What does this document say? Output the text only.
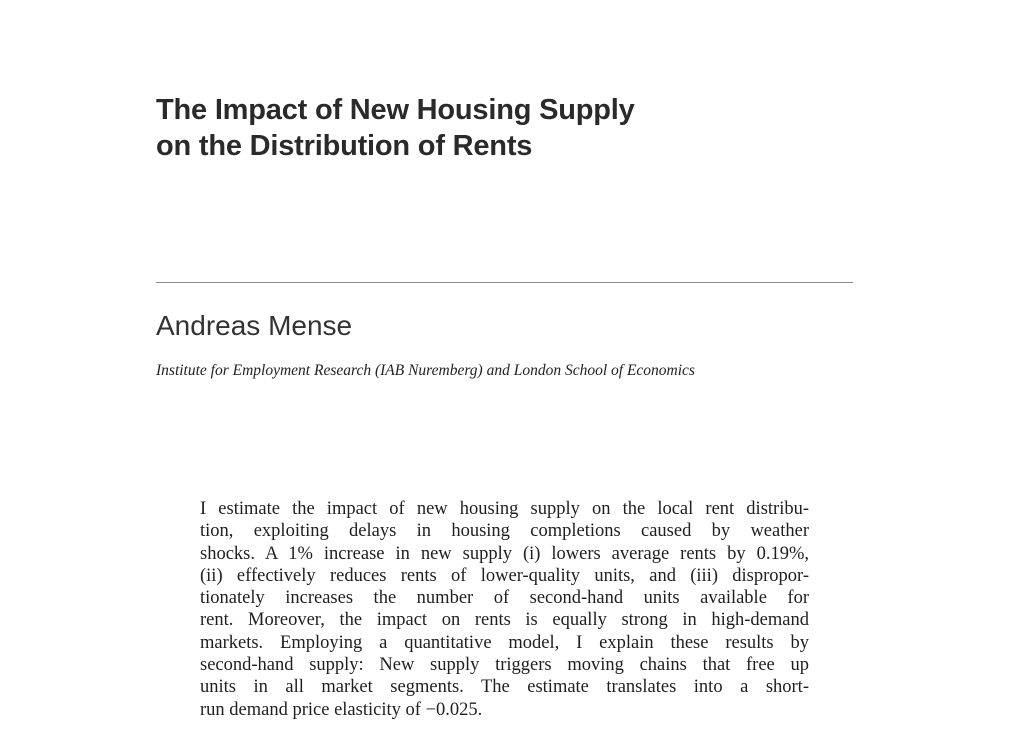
The Impact of New Housing Supply
on the Distribution of Rents

Andreas Mense

Institute for Employment Research (IAB Nuremberg) and London School of Economics

I estimate the impact of new housing supply on the local rent distribu-
tion, exploiting delays in housing completions caused by weather
shocks. A 1% increase in new supply (i) lowers average rents by 0.19%,
(ii) effectively reduces rents of lower-quality units, and (iii) dispropor-
tionately increases the number of second-hand units available for
rent. Moreover, the impact on rents is equally strong in high-demand
markets. Employing a quantitative model, I explain these results by
second-hand supply: New supply triggers moving chains that free up
units in all market segments. The estimate translates into a short-
run demand price elasticity of −0.025.
